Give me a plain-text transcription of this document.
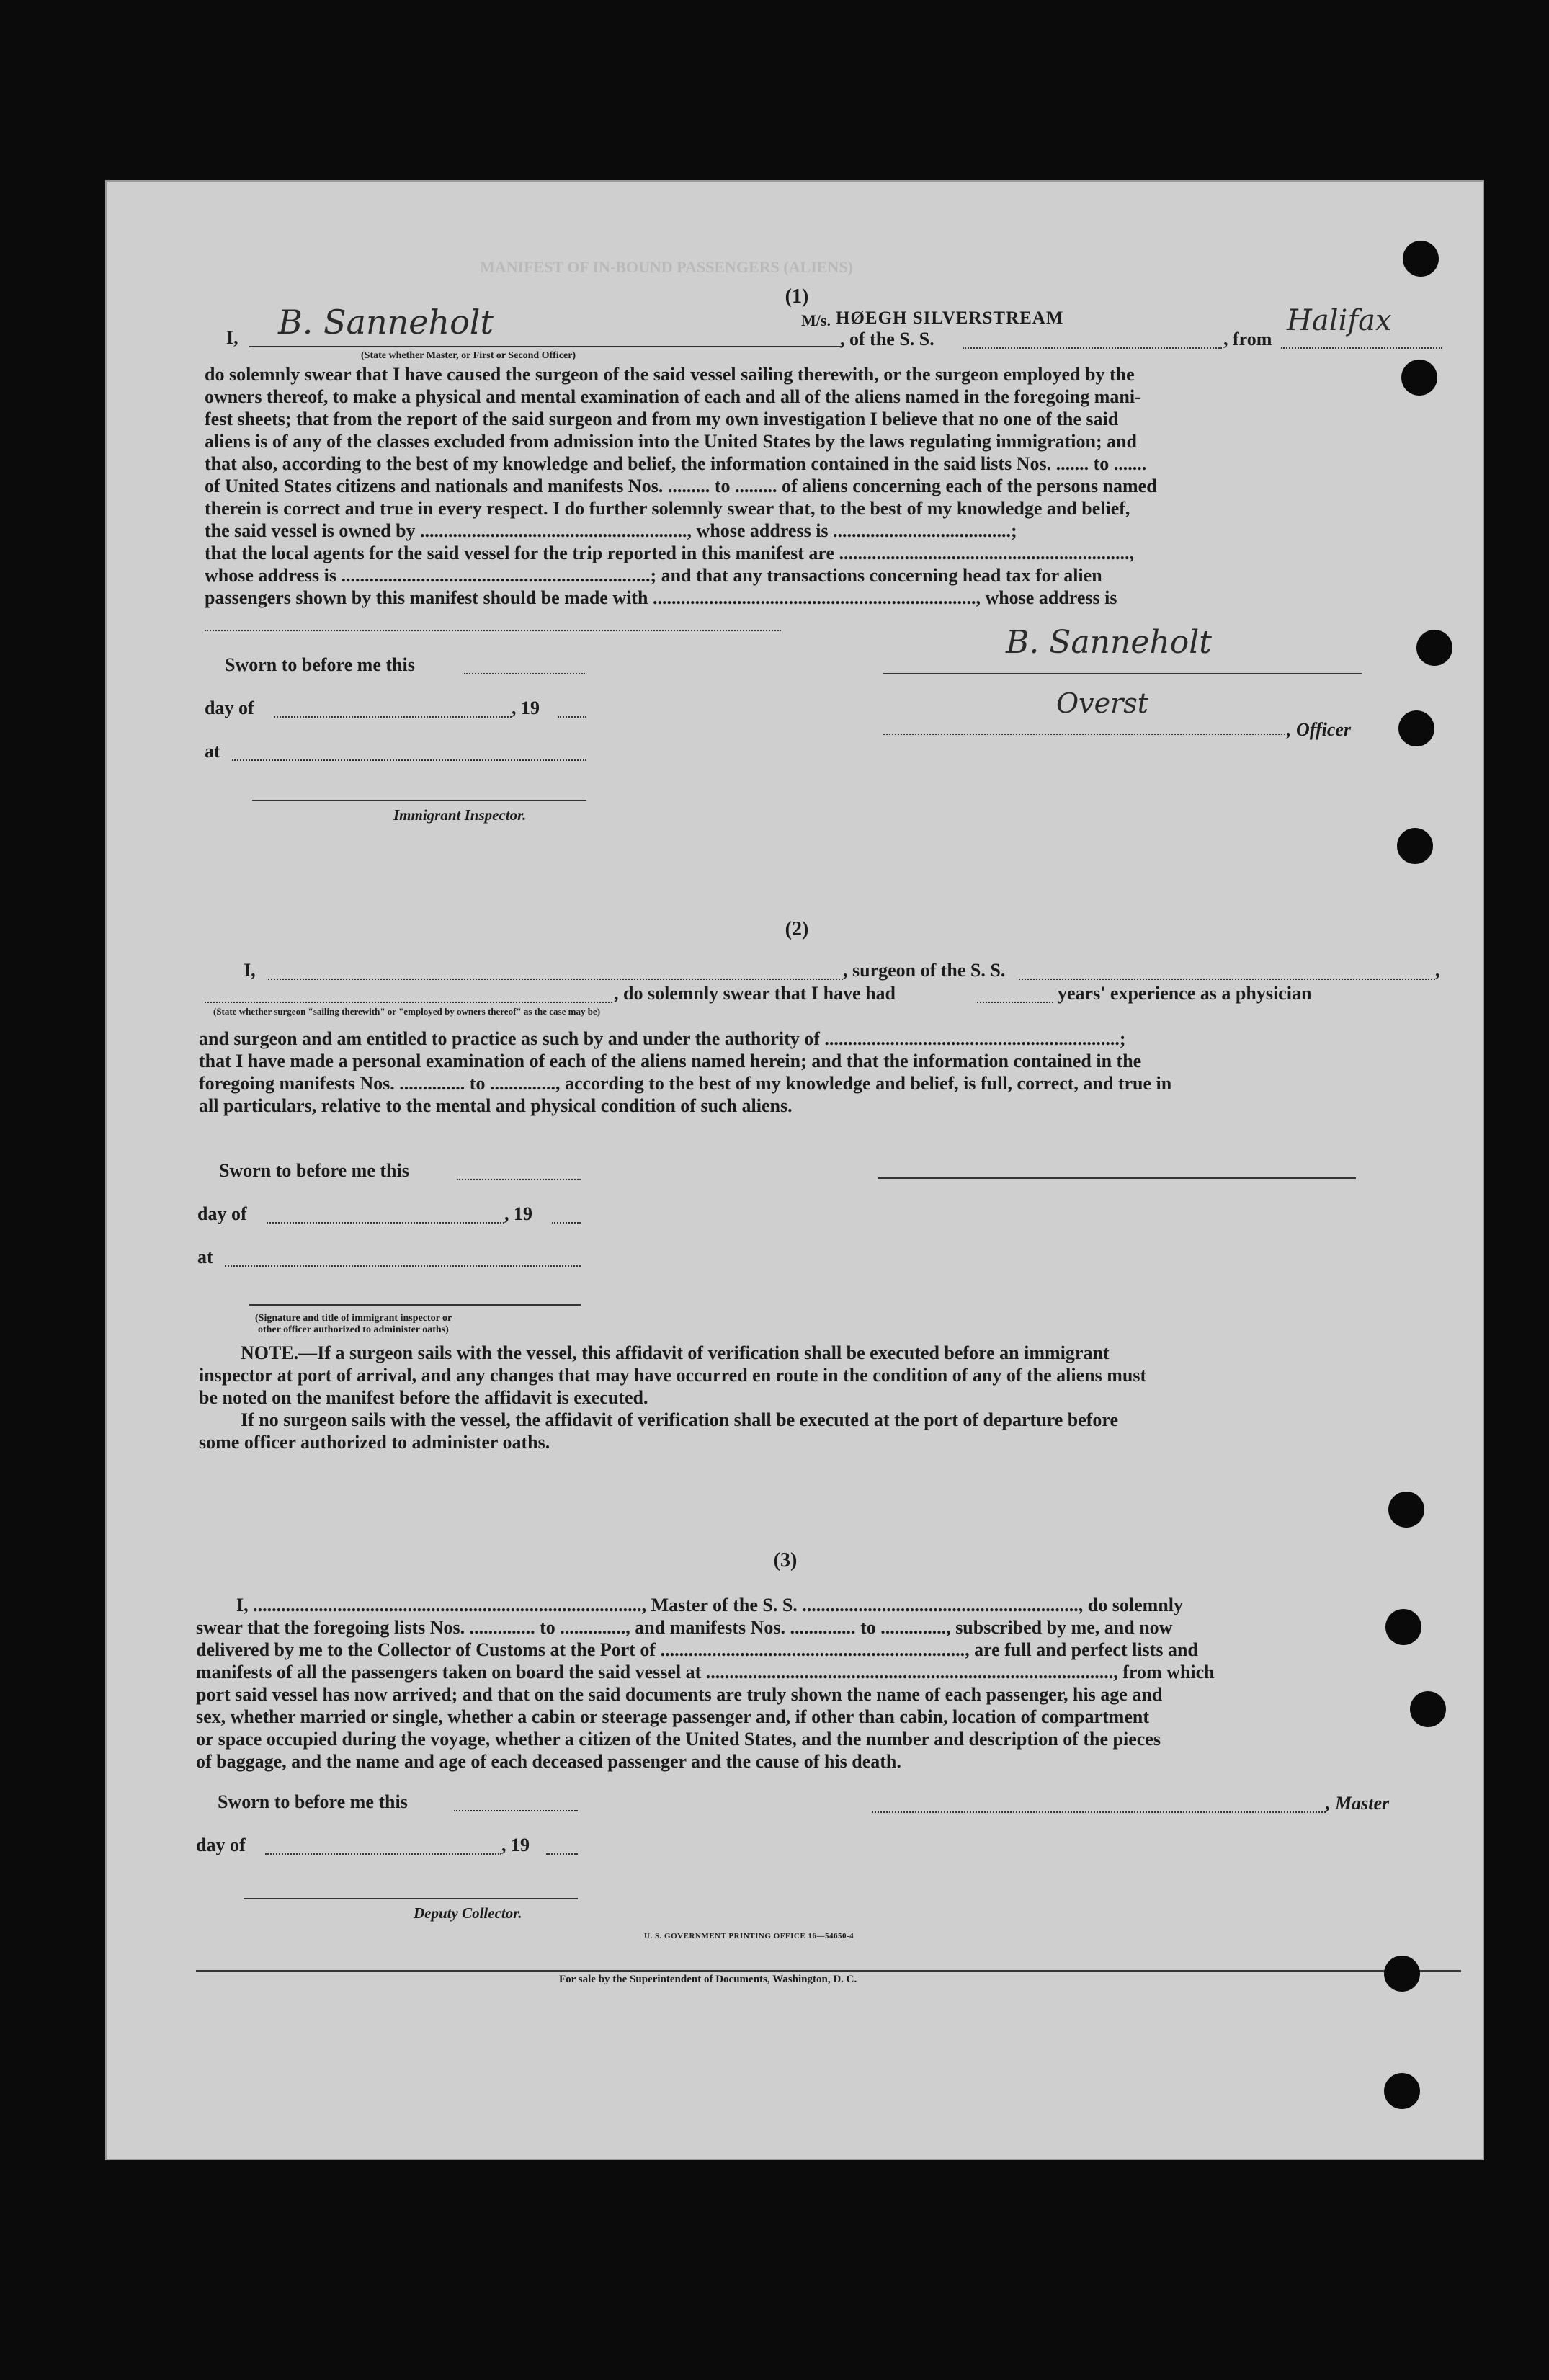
MANIFEST OF IN-BOUND PASSENGERS (ALIENS)
(1)
I, B. Sanneholt
(State whether Master, or First or Second Officer)
, of the S. S.
M/s. HØEGH SILVERSTREAM
, from
Halifax

do solemnly swear that I have caused the surgeon of the said vessel sailing therewith, or the surgeon employed by the

owners thereof, to make a physical and mental examination of each and all of the aliens named in the foregoing mani-

fest sheets; that from the report of the said surgeon and from my own investigation I believe that no one of the said

aliens is of any of the classes excluded from admission into the United States by the laws regulating immigration; and

that also, according to the best of my knowledge and belief, the information contained in the said lists Nos. ....... to .......

of United States citizens and nationals and manifests Nos. ......... to ......... of aliens concerning each of the persons named

therein is correct and true in every respect. I do further solemnly swear that, to the best of my knowledge and belief,

the said vessel is owned by ........................................................., whose address is ......................................;

that the local agents for the said vessel for the trip reported in this manifest are ..............................................................,

whose address is ..................................................................; and that any transactions concerning head tax for alien

passengers shown by this manifest should be made with ....................................................................., whose address is

Sworn to before me this
day of	, 19
at
Immigrant Inspector.
B. Sanneholt
Overst
, Officer
(2)
I,	, surgeon of the S. S.	,
, do solemnly swear that I have had	years' experience as a physician
(State whether surgeon "sailing therewith" or "employed by owners thereof" as the case may be)

and surgeon and am entitled to practice as such by and under the authority of ...............................................................;

that I have made a personal examination of each of the aliens named herein; and that the information contained in the

foregoing manifests Nos. .............. to .............., according to the best of my knowledge and belief, is full, correct, and true in

all particulars, relative to the mental and physical condition of such aliens.

Sworn to before me this
day of	, 19
at
(Signature and title of immigrant inspector or
other officer authorized to administer oaths)

NOTE.—If a surgeon sails with the vessel, this affidavit of verification shall be executed before an immigrant

inspector at port of arrival, and any changes that may have occurred en route in the condition of any of the aliens must

be noted on the manifest before the affidavit is executed.

If no surgeon sails with the vessel, the affidavit of verification shall be executed at the port of departure before

some officer authorized to administer oaths.

(3)

I, ..................................................................................., Master of the S. S. ..........................................................., do solemnly

swear that the foregoing lists Nos. .............. to .............., and manifests Nos. .............. to .............., subscribed by me, and now

delivered by me to the Collector of Customs at the Port of ................................................................., are full and perfect lists and

manifests of all the passengers taken on board the said vessel at ......................................................................................., from which

port said vessel has now arrived; and that on the said documents are truly shown the name of each passenger, his age and

sex, whether married or single, whether a cabin or steerage passenger and, if other than cabin, location of compartment

or space occupied during the voyage, whether a citizen of the United States, and the number and description of the pieces

of baggage, and the name and age of each deceased passenger and the cause of his death.

Sworn to before me this	, Master
day of	, 19
Deputy Collector.
U. S. GOVERNMENT PRINTING OFFICE 16—54650-4
For sale by the Superintendent of Documents, Washington, D. C.
